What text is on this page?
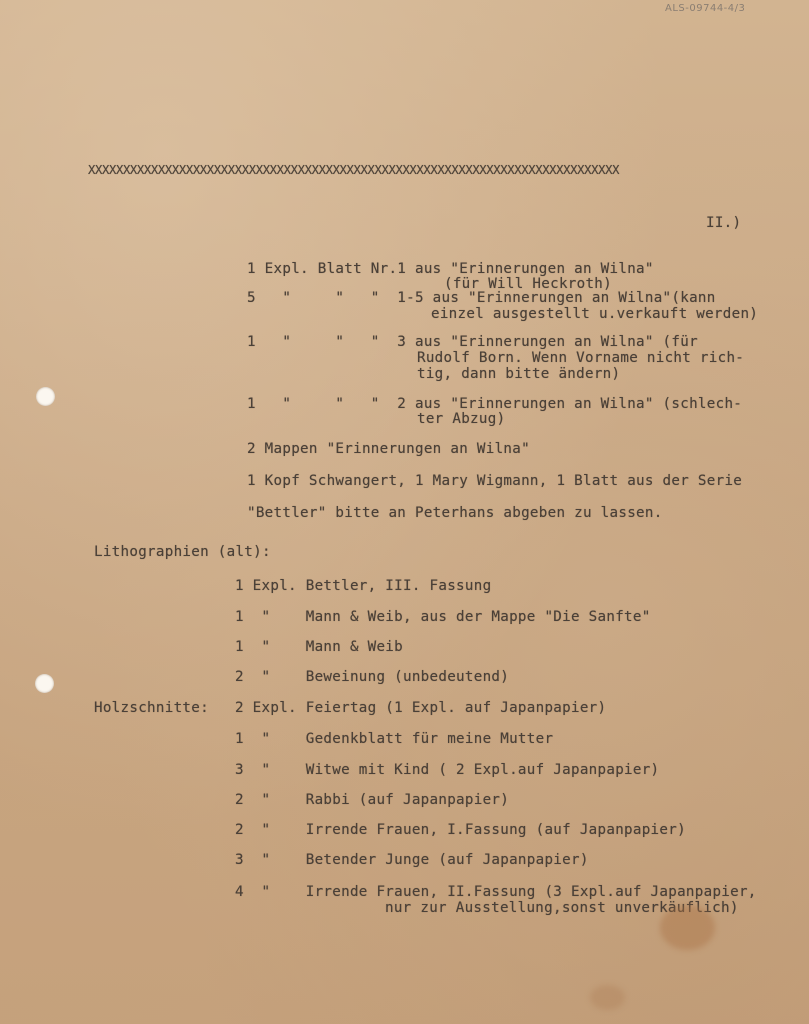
ALS-09744-4/3
XXXXXXXXXXXXXXXXXXXXXXXXXXXXXXXXXXXXXXXXXXXXXXXXXXXXXXXXXXXXXXXXXXXXXXXXXXXX
II.)
1 Expl. Blatt Nr.1 aus "Erinnerungen an Wilna"
(für Will Heckroth)
5   "     "   "  1-5 aus "Erinnerungen an Wilna"(kann
einzel ausgestellt u.verkauft werden)
1   "     "   "  3 aus "Erinnerungen an Wilna" (für
Rudolf Born. Wenn Vorname nicht rich-
tig, dann bitte ändern)
1   "     "   "  2 aus "Erinnerungen an Wilna" (schlech-
ter Abzug)
2 Mappen "Erinnerungen an Wilna"
1 Kopf Schwangert, 1 Mary Wigmann, 1 Blatt aus der Serie
"Bettler" bitte an Peterhans abgeben zu lassen.
Lithographien (alt):
1 Expl. Bettler, III. Fassung
1  "    Mann & Weib, aus der Mappe "Die Sanfte"
1  "    Mann & Weib
2  "    Beweinung (unbedeutend)
Holzschnitte: 2 Expl. Feiertag (1 Expl. auf Japanpapier)
1  "    Gedenkblatt für meine Mutter
3  "    Witwe mit Kind ( 2 Expl.auf Japanpapier)
2  "    Rabbi (auf Japanpapier)
2  "    Irrende Frauen, I.Fassung (auf Japanpapier)
3  "    Betender Junge (auf Japanpapier)
4  "    Irrende Frauen, II.Fassung (3 Expl.auf Japanpapier,
nur zur Ausstellung,sonst unverkäuflich)
